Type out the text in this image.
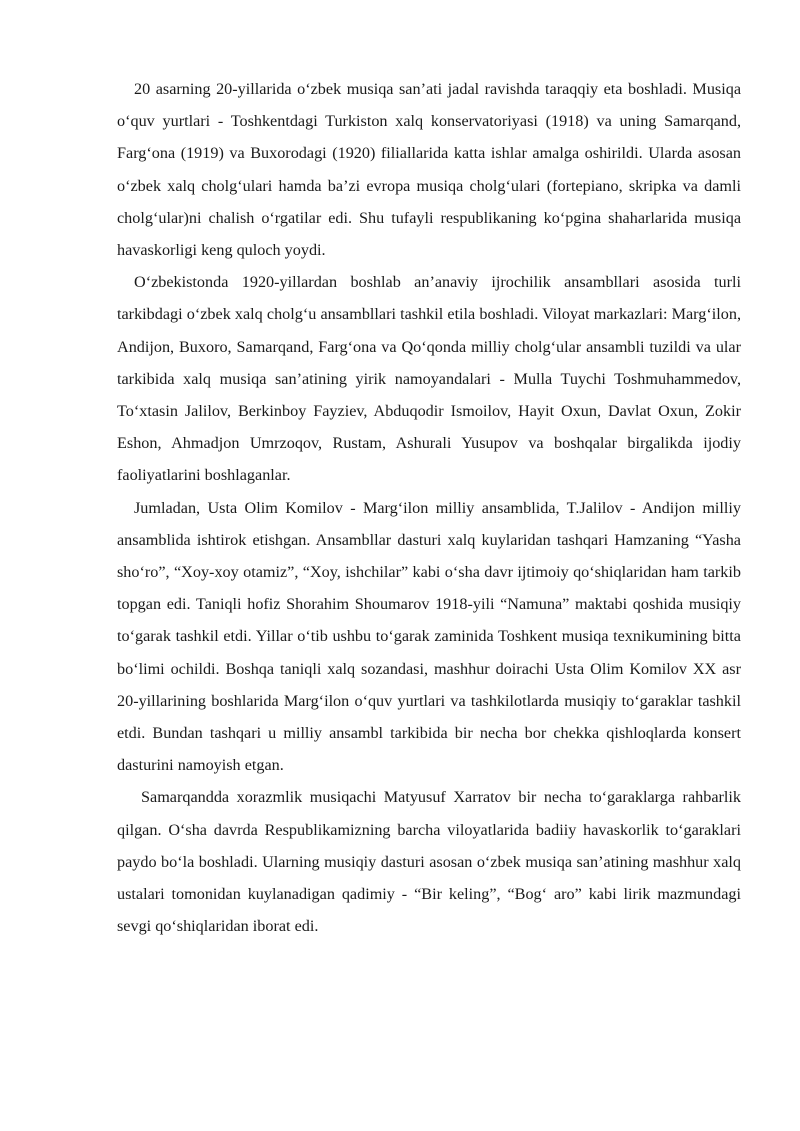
20 asarning 20-yillarida o‘zbek musiqa san’ati jadal ravishda taraqqiy eta boshladi. Musiqa o‘quv yurtlari - Toshkentdagi Turkiston xalq konservatoriyasi (1918) va uning Samarqand, Farg‘ona (1919) va Buxorodagi (1920) filiallarida katta ishlar amalga oshirildi. Ularda asosan o‘zbek xalq cholg‘ulari hamda ba’zi evropa musiqa cholg‘ulari (fortepiano, skripka va damli cholg‘ular)ni chalish o‘rgatilar edi. Shu tufayli respublikaning ko‘pgina shaharlarida musiqa havaskorligi keng quloch yoydi.

O‘zbekistonda 1920-yillardan boshlab an’anaviy ijrochilik ansambllari asosida turli tarkibdagi o‘zbek xalq cholg‘u ansambllari tashkil etila boshladi. Viloyat markazlari: Marg‘ilon, Andijon, Buxoro, Samarqand, Farg‘ona va Qo‘qonda milliy cholg‘ular ansambli tuzildi va ular tarkibida xalq musiqa san’atining yirik namoyandalari - Mulla Tuychi Toshmuhammedov, To‘xtasin Jalilov, Berkinboy Fayziev, Abduqodir Ismoilov, Hayit Oxun, Davlat Oxun, Zokir Eshon, Ahmadjon Umrzoqov, Rustam, Ashurali Yusupov va boshqalar birgalikda ijodiy faoliyatlarini boshlaganlar.

Jumladan, Usta Olim Komilov - Marg‘ilon milliy ansamblida, T.Jalilov - Andijon milliy ansamblida ishtirok etishgan. Ansambllar dasturi xalq kuylaridan tashqari Hamzaning “Yasha sho‘ro”, “Xoy-xoy otamiz”, “Xoy, ishchilar” kabi o‘sha davr ijtimoiy qo‘shiqlaridan ham tarkib topgan edi. Taniqli hofiz Shorahim Shoumarov 1918-yili “Namuna” maktabi qoshida musiqiy to‘garak tashkil etdi. Yillar o‘tib ushbu to‘garak zaminida Toshkent musiqa texnikumining bitta bo‘limi ochildi. Boshqa taniqli xalq sozandasi, mashhur doirachi Usta Olim Komilov XX asr 20-yillarining boshlarida Marg‘ilon o‘quv yurtlari va tashkilotlarda musiqiy to‘garaklar tashkil etdi. Bundan tashqari u milliy ansambl tarkibida bir necha bor chekka qishloqlarda konsert dasturini namoyish etgan.

Samarqandda xorazmlik musiqachi Matyusuf Xarratov bir necha to‘garaklarga rahbarlik qilgan. O‘sha davrda Respublikamizning barcha viloyatlarida badiiy havaskorlik to‘garaklari paydo bo‘la boshladi. Ularning musiqiy dasturi asosan o‘zbek musiqa san’atining mashhur xalq ustalari tomonidan kuylanadigan qadimiy - “Bir keling”, “Bog‘ aro” kabi lirik mazmundagi sevgi qo‘shiqlaridan iborat edi.
